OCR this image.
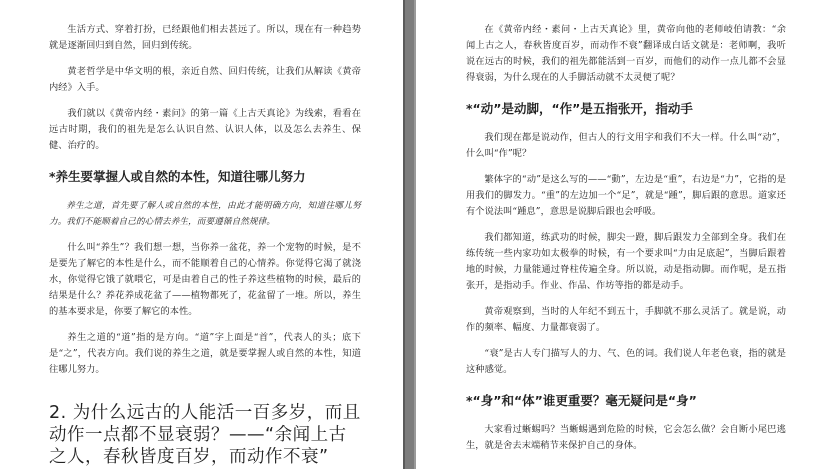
生活方式、穿着打扮，已经跟他们相去甚远了。所以，现在有一种趋势就是逐渐回归到自然，回归到传统。

黄老哲学是中华文明的根，亲近自然、回归传统，让我们从解读《黄帝内经》入手。

我们就以《黄帝内经・素问》的第一篇《上古天真论》为线索，看看在远古时期，我们的祖先是怎么认识自然、认识人体，以及怎么去养生、保健、治疗的。

*养生要掌握人或自然的本性，知道往哪儿努力

养生之道，首先要了解人或自然的本性，由此才能明确方向，知道往哪儿努力。我们不能顺着自己的心情去养生，而要遵循自然规律。

什么叫“养生”？我们想一想，当你养一盆花，养一个宠物的时候，是不是要先了解它的本性是什么，而不能顺着自己的心情养。你觉得它渴了就浇水，你觉得它饿了就喂它，可是由着自己的性子养这些植物的时候，最后的结果是什么？养花养成花盆了——植物都死了，花盆留了一堆。所以，养生的基本要求是，你要了解它的本性。

养生之道的“道”指的是方向。“道”字上面是“首”，代表人的头；底下是“之”，代表方向。我们说的养生之道，就是要掌握人或自然的本性，知道往哪儿努力。

2. 为什么远古的人能活一百多岁，而且动作一点都不显衰弱？——“余闻上古之人，春秋皆度百岁，而动作不衰”

在《黄帝内经・素问・上古天真论》里，黄帝向他的老师岐伯请教：“余闻上古之人，春秋皆度百岁，而动作不衰”翻译成白话文就是：老师啊，我听说在远古的时候，我们的祖先都能活到一百岁，而他们的动作一点儿都不会显得衰弱，为什么现在的人手脚活动就不太灵便了呢？

*“动”是动脚，“作”是五指张开，指动手

我们现在都是说动作，但古人的行文用字和我们不大一样。什么叫“动”，什么叫“作”呢？

繁体字的“动”是这么写的——“動”，左边是“重”，右边是“力”，它指的是用我们的脚发力。“重”的左边加一个“足”，就是“踵”，脚后跟的意思。道家还有个说法叫“踵息”，意思是说脚后跟也会呼吸。

我们都知道，练武功的时候，脚尖一蹬，脚后跟发力全部到全身。我们在练传统一些内家功如太极拳的时候，有一个要求叫“力由足底起”，当脚后跟着地的时候，力量能通过脊柱传遍全身。所以说，动是指动脚。而作呢，是五指张开，是指动手。作业、作品、作坊等指的都是动手。

黄帝观察到，当时的人年纪不到五十，手脚就不那么灵活了。就是说，动作的频率、幅度、力量都衰弱了。

“衰”是古人专门描写人的力、气、色的词。我们说人年老色衰，指的就是这种感觉。

*“身”和“体”谁更重要？毫无疑问是“身”

大家看过蜥蜴吗？当蜥蜴遇到危险的时候，它会怎么做？会自断小尾巴逃生，就是舍去末端稍节来保护自己的身体。
